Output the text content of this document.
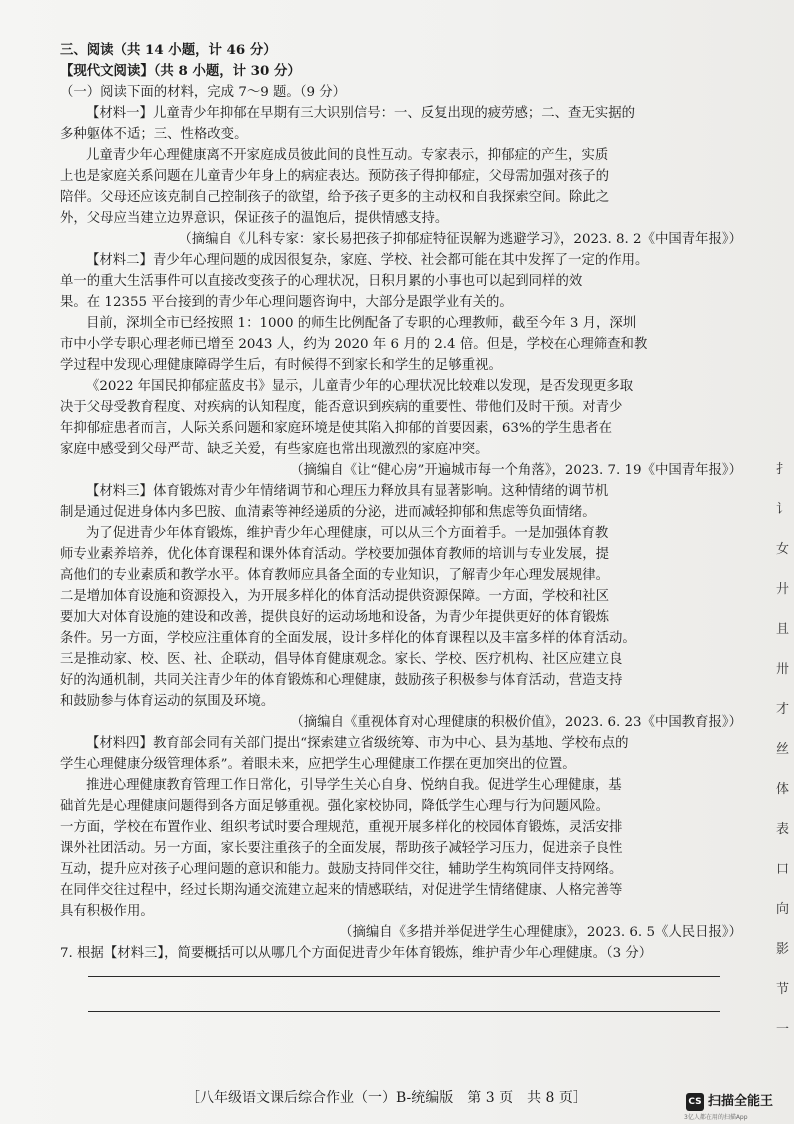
三、阅读（共 14 小题，计 46 分）
【现代文阅读】（共 8 小题，计 30 分）
（一）阅读下面的材料，完成 7～9 题。（9 分）
【材料一】儿童青少年抑郁在早期有三大识别信号：一、反复出现的疲劳感；二、查无实据的
多种躯体不适；三、性格改变。
儿童青少年心理健康离不开家庭成员彼此间的良性互动。专家表示，抑郁症的产生，实质
上也是家庭关系问题在儿童青少年身上的病症表达。预防孩子得抑郁症，父母需加强对孩子的
陪伴。父母还应该克制自己控制孩子的欲望，给予孩子更多的主动权和自我探索空间。除此之
外，父母应当建立边界意识，保证孩子的温饱后，提供情感支持。
（摘编自《儿科专家：家长易把孩子抑郁症特征误解为逃避学习》，2023. 8. 2《中国青年报》）
【材料二】青少年心理问题的成因很复杂，家庭、学校、社会都可能在其中发挥了一定的作用。
单一的重大生活事件可以直接改变孩子的心理状况，日积月累的小事也可以起到同样的效
果。在 12355 平台接到的青少年心理问题咨询中，大部分是跟学业有关的。
目前，深圳全市已经按照 1：1000 的师生比例配备了专职的心理教师，截至今年 3 月，深圳
市中小学专职心理老师已增至 2043 人，约为 2020 年 6 月的 2.4 倍。但是，学校在心理筛查和教
学过程中发现心理健康障碍学生后，有时候得不到家长和学生的足够重视。
《2022 年国民抑郁症蓝皮书》显示，儿童青少年的心理状况比较难以发现，是否发现更多取
决于父母受教育程度、对疾病的认知程度，能否意识到疾病的重要性、带他们及时干预。对青少
年抑郁症患者而言，人际关系问题和家庭环境是使其陷入抑郁的首要因素，63%的学生患者在
家庭中感受到父母严苛、缺乏关爱，有些家庭也常出现激烈的家庭冲突。
（摘编自《让“健心房”开遍城市每一个角落》，2023. 7. 19《中国青年报》）
【材料三】体育锻炼对青少年情绪调节和心理压力释放具有显著影响。这种情绪的调节机
制是通过促进身体内多巴胺、血清素等神经递质的分泌，进而减轻抑郁和焦虑等负面情绪。
为了促进青少年体育锻炼，维护青少年心理健康，可以从三个方面着手。一是加强体育教
师专业素养培养，优化体育课程和课外体育活动。学校要加强体育教师的培训与专业发展，提
高他们的专业素质和教学水平。体育教师应具备全面的专业知识，了解青少年心理发展规律。
二是增加体育设施和资源投入，为开展多样化的体育活动提供资源保障。一方面，学校和社区
要加大对体育设施的建设和改善，提供良好的运动场地和设备，为青少年提供更好的体育锻炼
条件。另一方面，学校应注重体育的全面发展，设计多样化的体育课程以及丰富多样的体育活动。
三是推动家、校、医、社、企联动，倡导体育健康观念。家长、学校、医疗机构、社区应建立良
好的沟通机制，共同关注青少年的体育锻炼和心理健康，鼓励孩子积极参与体育活动，营造支持
和鼓励参与体育运动的氛围及环境。
（摘编自《重视体育对心理健康的积极价值》，2023. 6. 23《中国教育报》）
【材料四】教育部会同有关部门提出“探索建立省级统筹、市为中心、县为基地、学校布点的
学生心理健康分级管理体系”。着眼未来，应把学生心理健康工作摆在更加突出的位置。
推进心理健康教育管理工作日常化，引导学生关心自身、悦纳自我。促进学生心理健康，基
础首先是心理健康问题得到各方面足够重视。强化家校协同，降低学生心理与行为问题风险。
一方面，学校在布置作业、组织考试时要合理规范，重视开展多样化的校园体育锻炼，灵活安排
课外社团活动。另一方面，家长要注重孩子的全面发展，帮助孩子减轻学习压力，促进亲子良性
互动，提升应对孩子心理问题的意识和能力。鼓励支持同伴交往，辅助学生构筑同伴支持网络。
在同伴交往过程中，经过长期沟通交流建立起来的情感联结，对促进学生情绪健康、人格完善等
具有积极作用。
（摘编自《多措并举促进学生心理健康》，2023. 6. 5《人民日报》）
7. 根据【材料三】，简要概括可以从哪几个方面促进青少年体育锻炼，维护青少年心理健康。（3 分）
［八年级语文课后综合作业（一）B-统编版　第 3 页　共 8 页］
扌
讠
女
廾
且
卅
才
丝
体
表
口
向
影
节
一
CS 扫描全能王
3亿人都在用的扫描App
